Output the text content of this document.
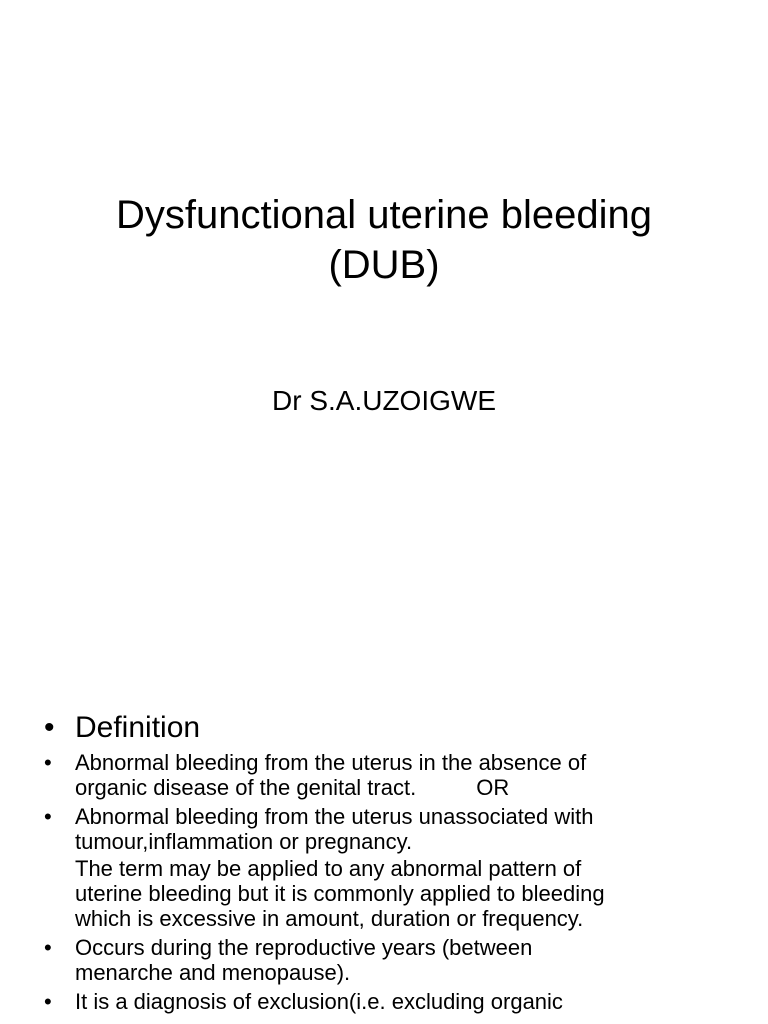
Dysfunctional uterine bleeding
(DUB)
Dr S.A.UZOIGWE
• Definition
• Abnormal bleeding from the uterus in the absence of
organic disease of the genital tract.	OR
• Abnormal bleeding from the uterus unassociated with
tumour,inflammation or pregnancy.
The term may be applied to any abnormal pattern of
uterine bleeding but it is commonly applied to bleeding
which is excessive in amount, duration or frequency.
• Occurs during the reproductive years (between
menarche and menopause).
• It is a diagnosis of exclusion(i.e. excluding organic
